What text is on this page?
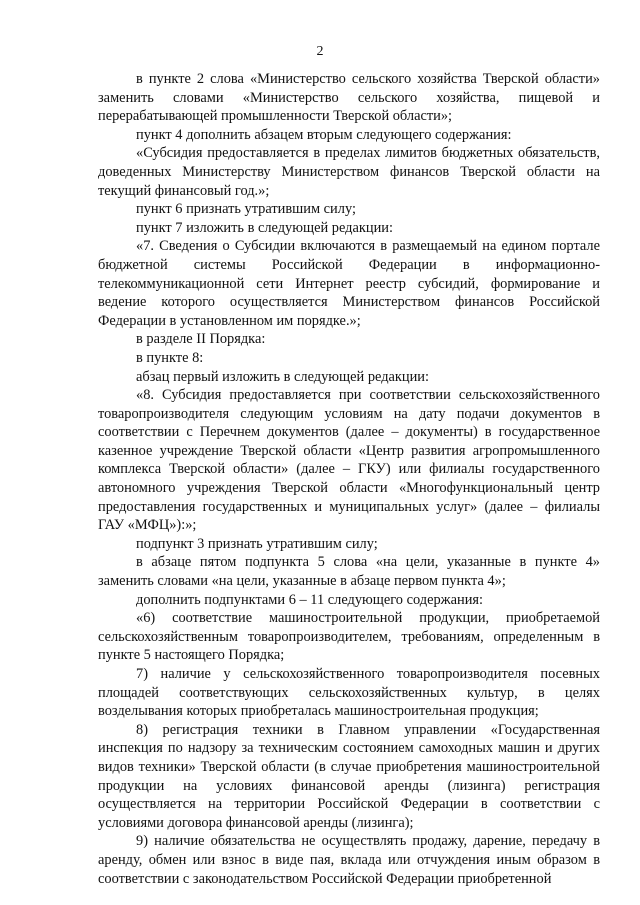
2

в пункте 2 слова «Министерство сельского хозяйства Тверской области» заменить словами «Министерство сельского хозяйства, пищевой и перерабатывающей промышленности Тверской области»;

пункт 4 дополнить абзацем вторым следующего содержания:

«Субсидия предоставляется в пределах лимитов бюджетных обязательств, доведенных Министерству Министерством финансов Тверской области на текущий финансовый год.»;

пункт 6 признать утратившим силу;

пункт 7 изложить в следующей редакции:

«7. Сведения о Субсидии включаются в размещаемый на едином портале бюджетной системы Российской Федерации в информационно-телекоммуникационной сети Интернет реестр субсидий, формирование и ведение которого осуществляется Министерством финансов Российской Федерации в установленном им порядке.»;

в разделе II Порядка:

в пункте 8:

абзац первый изложить в следующей редакции:

«8. Субсидия предоставляется при соответствии сельскохозяйственного товаропроизводителя следующим условиям на дату подачи документов в соответствии с Перечнем документов (далее – документы) в государственное казенное учреждение Тверской области «Центр развития агропромышленного комплекса Тверской области» (далее – ГКУ) или филиалы государственного автономного учреждения Тверской области «Многофункциональный центр предоставления государственных и муниципальных услуг» (далее – филиалы ГАУ «МФЦ»):»;

подпункт 3 признать утратившим силу;

в абзаце пятом подпункта 5 слова «на цели, указанные в пункте 4» заменить словами «на цели, указанные в абзаце первом пункта 4»;

дополнить подпунктами 6 – 11 следующего содержания:

«6) соответствие машиностроительной продукции, приобретаемой сельскохозяйственным товаропроизводителем, требованиям, определенным в пункте 5 настоящего Порядка;

7) наличие у сельскохозяйственного товаропроизводителя посевных площадей соответствующих сельскохозяйственных культур, в целях возделывания которых приобреталась машиностроительная продукция;

8) регистрация техники в Главном управлении «Государственная инспекция по надзору за техническим состоянием самоходных машин и других видов техники» Тверской области (в случае приобретения машиностроительной продукции на условиях финансовой аренды (лизинга) регистрация осуществляется на территории Российской Федерации в соответствии с условиями договора финансовой аренды (лизинга);

9) наличие обязательства не осуществлять продажу, дарение, передачу в аренду, обмен или взнос в виде пая, вклада или отчуждения иным образом в соответствии с законодательством Российской Федерации приобретенной
